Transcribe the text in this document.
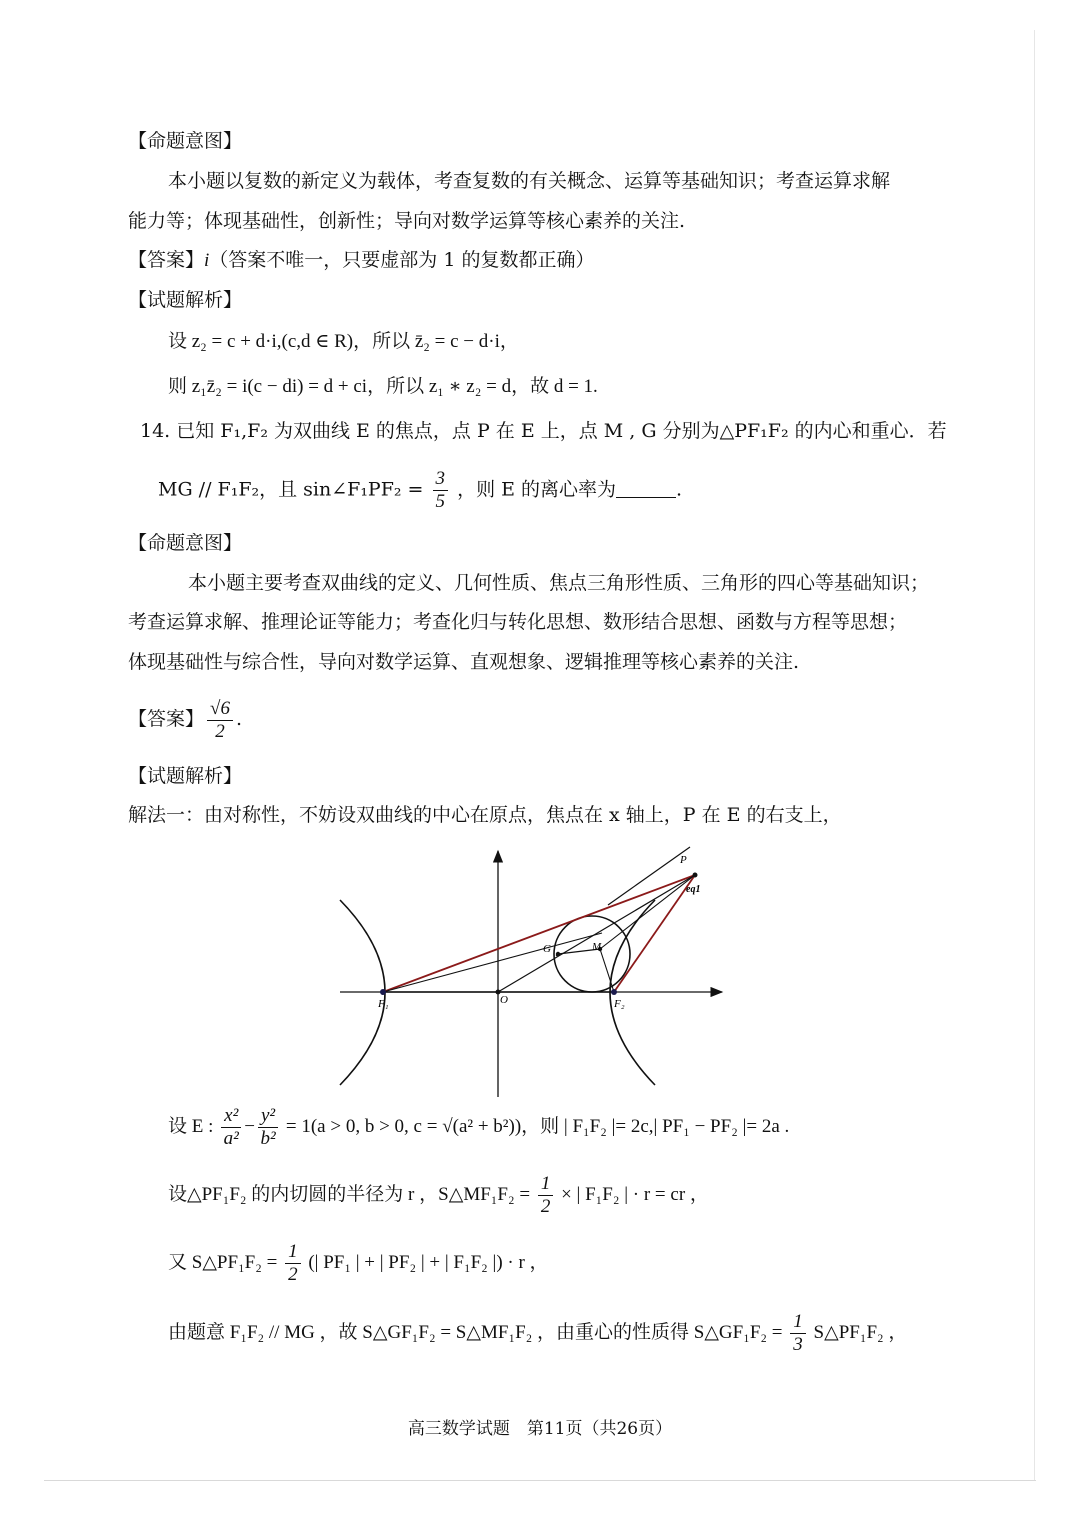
【命题意图】
本小题以复数的新定义为载体，考查复数的有关概念、运算等基础知识；考查运算求解
能力等；体现基础性，创新性；导向对数学运算等核心素养的关注.
【答案】i（答案不唯一，只要虚部为 1 的复数都正确）
【试题解析】
设 z₂ = c + d·i,(c,d ∈ R)，所以 z̄₂ = c − d·i，
则 z₁z̄₂ = i(c − di) = d + ci，所以 z₁ ∗ z₂ = d，故 d = 1.
14. 已知 F₁,F₂ 为双曲线 E 的焦点，点 P 在 E 上，点 M , G 分别为△PF₁F₂ 的内心和重心．若
MG // F₁F₂，且 sin∠F₁PF₂ = $\frac{3}{5}$ ，则 E 的离心率为	.
【命题意图】
本小题主要考查双曲线的定义、几何性质、焦点三角形性质、三角形的四心等基础知识；
考查运算求解、推理论证等能力；考查化归与转化思想、数形结合思想、函数与方程等思想；
体现基础性与综合性，导向对数学运算、直观想象、逻辑推理等核心素养的关注.
【答案】 $\frac{√6}{2}$ .
【试题解析】
解法一：由对称性，不妨设双曲线的中心在原点，焦点在 x 轴上，P 在 E 的右支上，
P
eq1
G	M
F₁	O	F₂
设 E : $\frac{\text{x²}}{\text{a²}} - \frac{\text{y²}}{\text{b²}} = 1(a > 0$, b > 0, c = √(a² + b²))，则 | F₁F₂ |= 2c,| PF₁ − PF₂ |= 2a .
设△PF₁F₂ 的内切圆的半径为 r ，S△MF₁F₂ = $\frac{1}{2}$ × | F₁F₂ | · r = cr ，
又 S△PF₁F₂ = $\frac{1}{2}$ (| PF₁ | + | PF₂ | + | F₁F₂ |) · r ，
由题意 F₁F₂ // MG ，故 S△GF₁F₂ = S△MF₁F₂ ，由重心的性质得 S△GF₁F₂ = $\frac{1}{3}$ S△PF₁F₂ ，
高三数学试题　第11页（共26页）
